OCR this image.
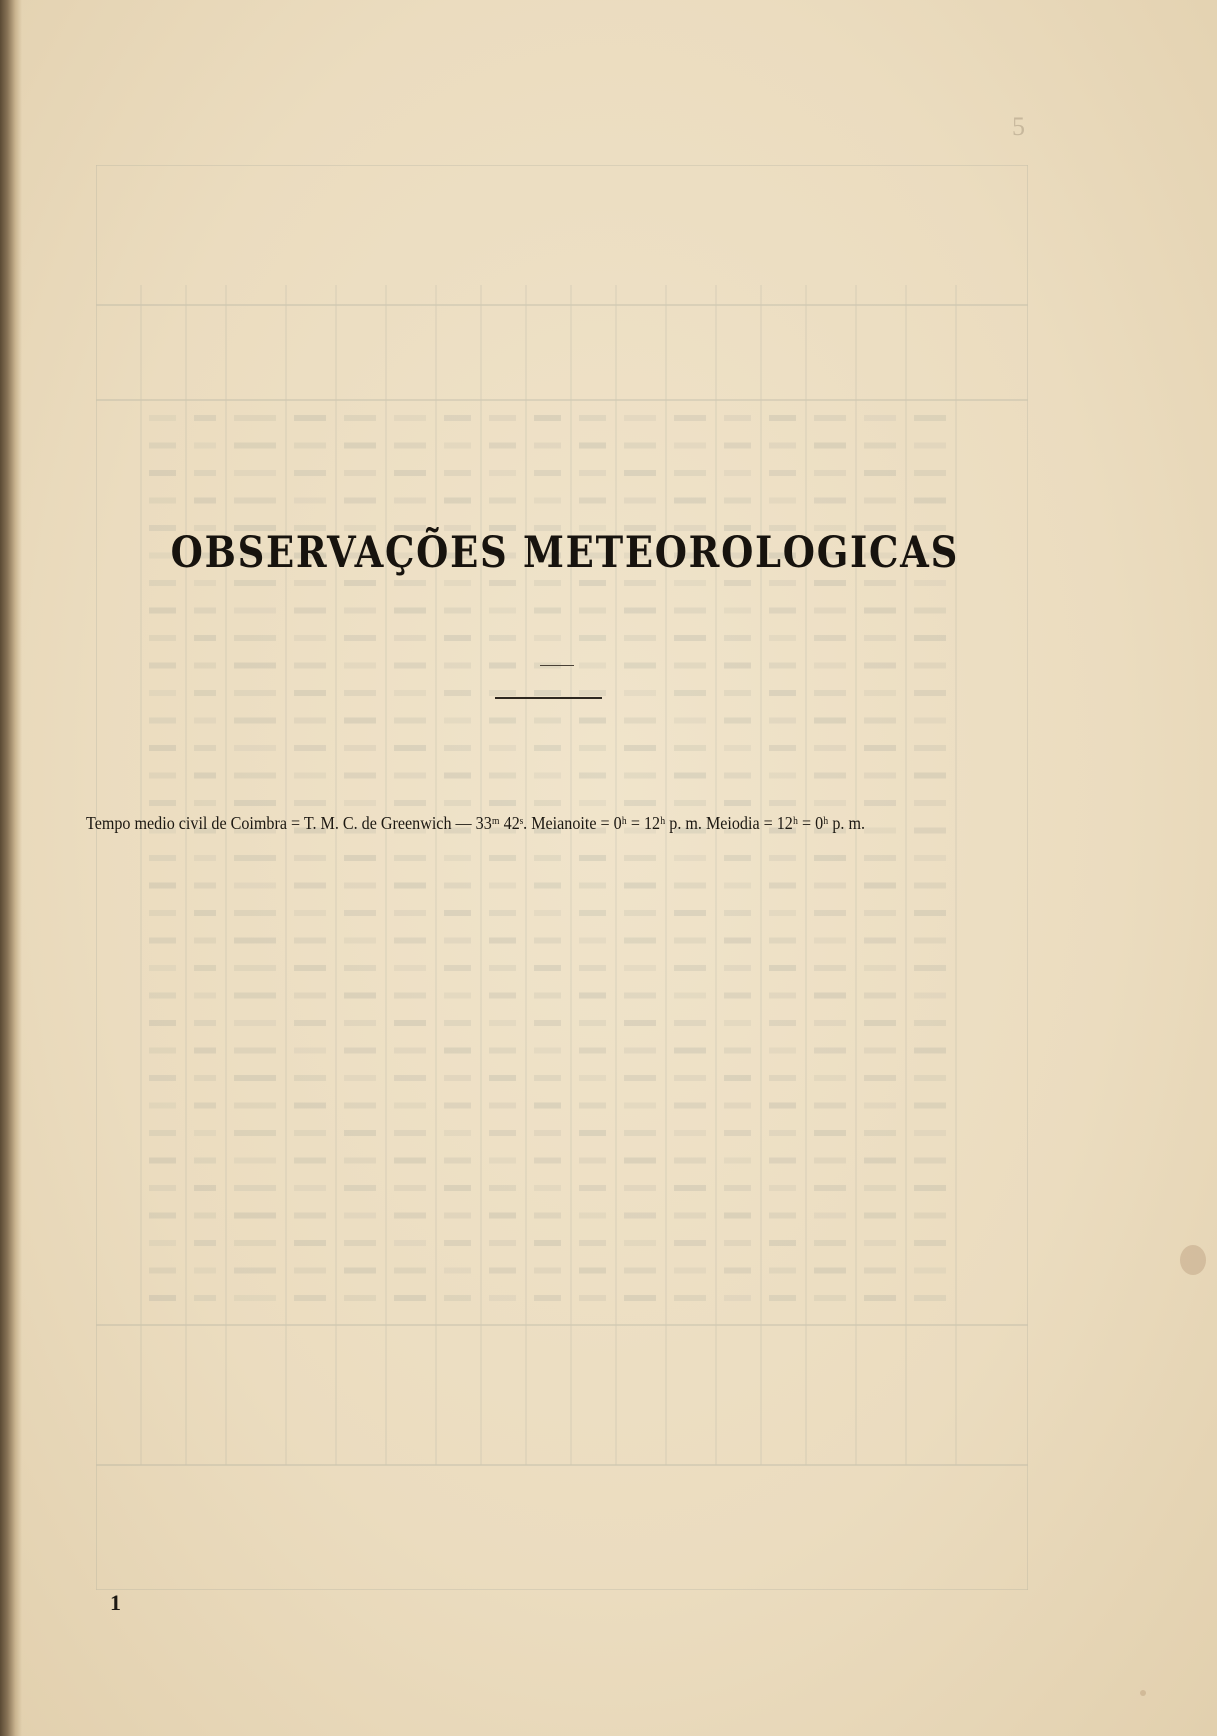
5
OBSERVAÇÕES METEOROLOGICAS
Tempo medio civil de Coimbra = T. M. C. de Greenwich — 33ᵐ 42ˢ. Meianoite = 0ʰ = 12ʰ p. m. Meiodia = 12ʰ = 0ʰ p. m.
1
